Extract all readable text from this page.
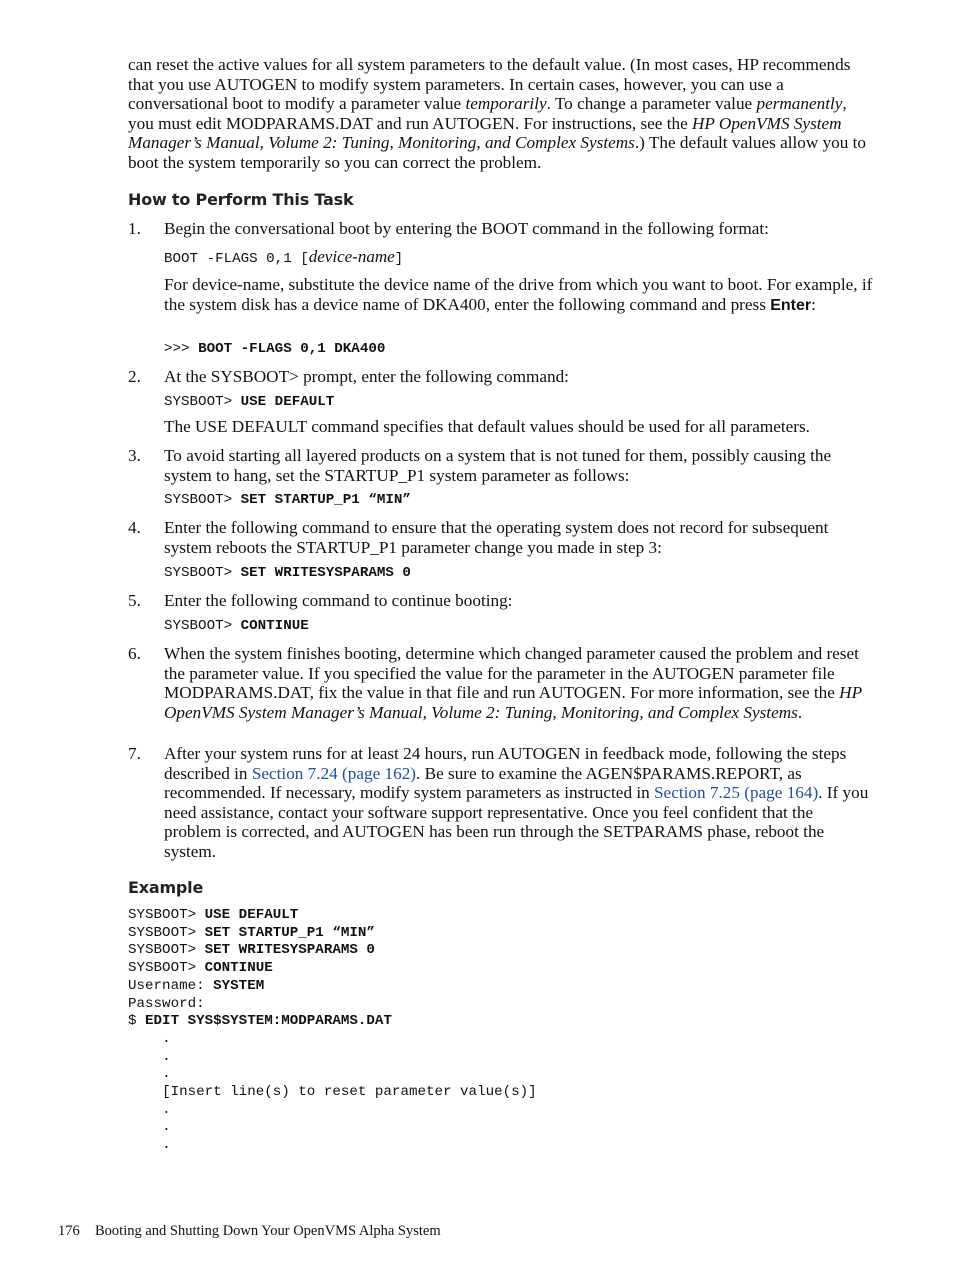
can reset the active values for all system parameters to the default value. (In most cases, HP recommends that you use AUTOGEN to modify system parameters. In certain cases, however, you can use a conversational boot to modify a parameter value temporarily. To change a parameter value permanently, you must edit MODPARAMS.DAT and run AUTOGEN. For instructions, see the HP OpenVMS System Manager’s Manual, Volume 2: Tuning, Monitoring, and Complex Systems.) The default values allow you to boot the system temporarily so you can correct the problem.

How to Perform This Task
1. Begin the conversational boot by entering the BOOT command in the following format:

BOOT -FLAGS 0,1 [device-name]

For device-name, substitute the device name of the drive from which you want to boot. For example, if the system disk has a device name of DKA400, enter the following command and press Enter:

>>> BOOT -FLAGS 0,1 DKA400

2. At the SYSBOOT> prompt, enter the following command:

SYSBOOT> USE DEFAULT

The USE DEFAULT command specifies that default values should be used for all parameters.

3. To avoid starting all layered products on a system that is not tuned for them, possibly causing the system to hang, set the STARTUP_P1 system parameter as follows:

SYSBOOT> SET STARTUP_P1 “MIN”

4. Enter the following command to ensure that the operating system does not record for subsequent system reboots the STARTUP_P1 parameter change you made in step 3:

SYSBOOT> SET WRITESYSPARAMS 0

5. Enter the following command to continue booting:

SYSBOOT> CONTINUE

6. When the system finishes booting, determine which changed parameter caused the problem and reset the parameter value. If you specified the value for the parameter in the AUTOGEN parameter file MODPARAMS.DAT, fix the value in that file and run AUTOGEN. For more information, see the HP OpenVMS System Manager’s Manual, Volume 2: Tuning, Monitoring, and Complex Systems.

7. After your system runs for at least 24 hours, run AUTOGEN in feedback mode, following the steps described in Section 7.24 (page 162). Be sure to examine the AGEN$PARAMS.REPORT, as recommended. If necessary, modify system parameters as instructed in Section 7.25 (page 164). If you need assistance, contact your software support representative. Once you feel confident that the problem is corrected, and AUTOGEN has been run through the SETPARAMS phase, reboot the system.

Example
SYSBOOT> USE DEFAULT
SYSBOOT> SET STARTUP_P1 “MIN”
SYSBOOT> SET WRITESYSPARAMS 0
SYSBOOT> CONTINUE
Username: SYSTEM
Password:
$ EDIT SYS$SYSTEM:MODPARAMS.DAT
.
.
.
[Insert line(s) to reset parameter value(s)]
.
.
.

176 Booting and Shutting Down Your OpenVMS Alpha System
